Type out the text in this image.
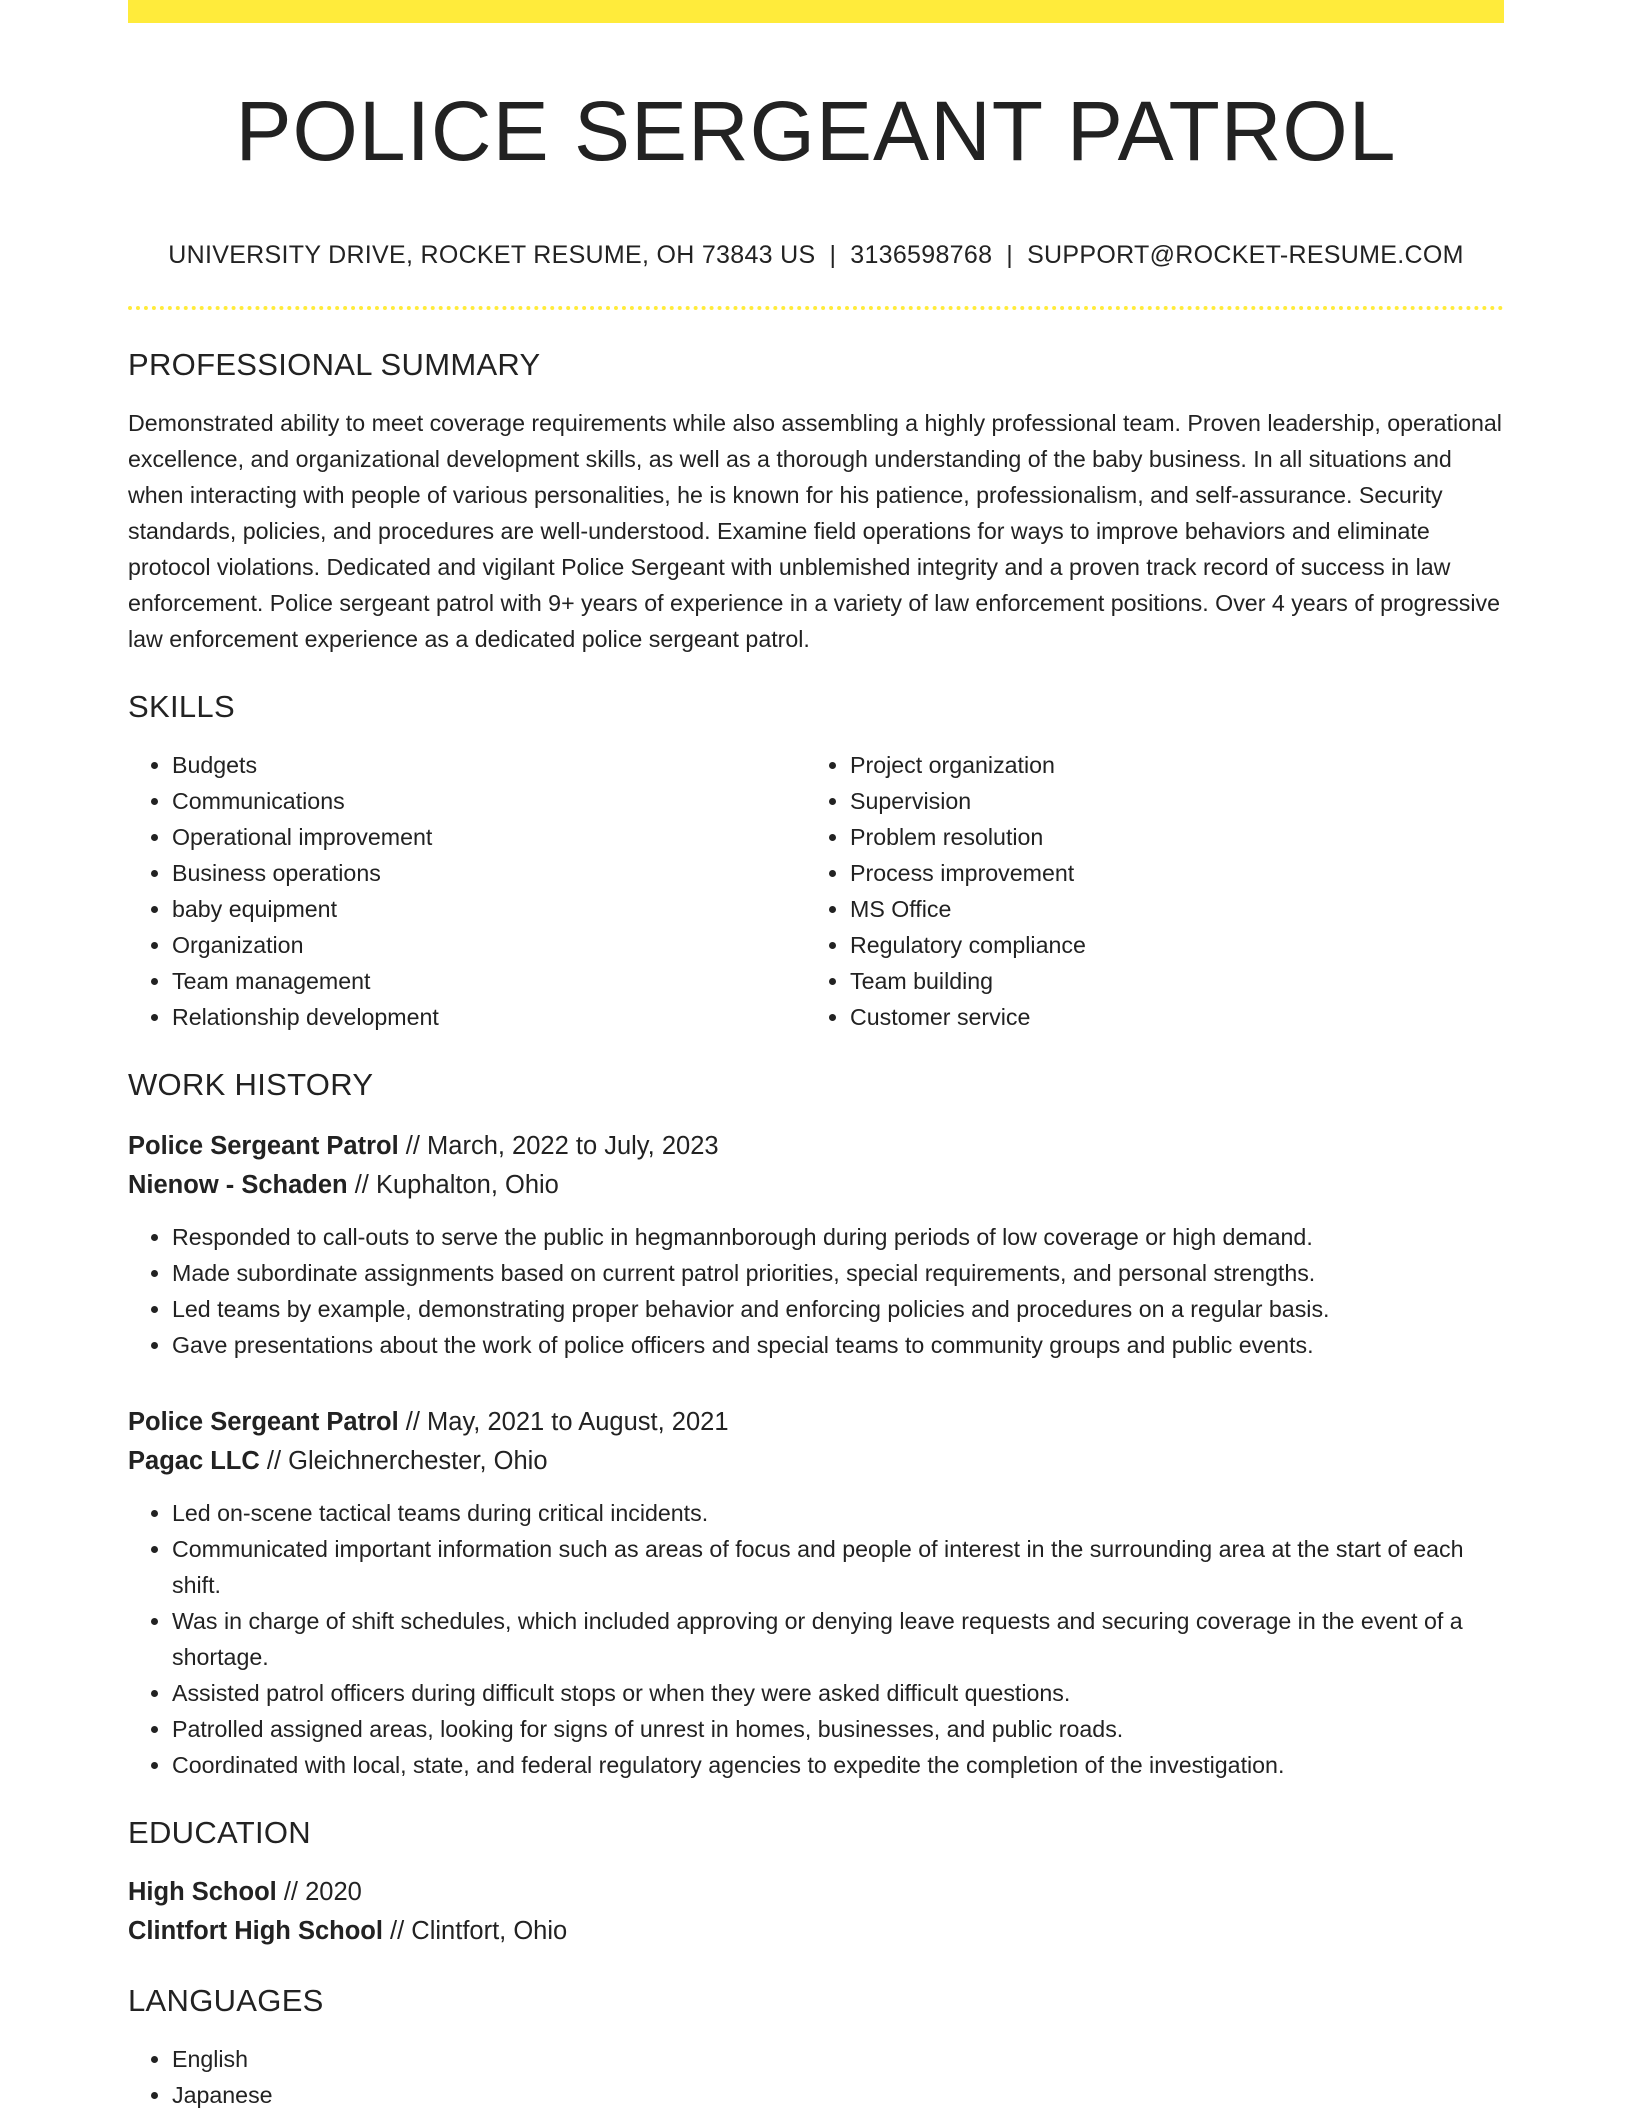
POLICE SERGEANT PATROL
UNIVERSITY DRIVE, ROCKET RESUME, OH 73843 US | 3136598768 | SUPPORT@ROCKET-RESUME.COM
PROFESSIONAL SUMMARY

Demonstrated ability to meet coverage requirements while also assembling a highly professional team. Proven leadership, operational excellence, and organizational development skills, as well as a thorough understanding of the baby business. In all situations and when interacting with people of various personalities, he is known for his patience, professionalism, and self-assurance. Security standards, policies, and procedures are well-understood. Examine field operations for ways to improve behaviors and eliminate protocol violations. Dedicated and vigilant Police Sergeant with unblemished integrity and a proven track record of success in law enforcement. Police sergeant patrol with 9+ years of experience in a variety of law enforcement positions. Over 4 years of progressive law enforcement experience as a dedicated police sergeant patrol.

SKILLS
• Budgets
• Communications
• Operational improvement
• Business operations
• baby equipment
• Organization
• Team management
• Relationship development
• Project organization
• Supervision
• Problem resolution
• Process improvement
• MS Office
• Regulatory compliance
• Team building
• Customer service
WORK HISTORY
Police Sergeant Patrol // March, 2022 to July, 2023
Nienow - Schaden // Kuphalton, Ohio
• Responded to call-outs to serve the public in hegmannborough during periods of low coverage or high demand.
• Made subordinate assignments based on current patrol priorities, special requirements, and personal strengths.
• Led teams by example, demonstrating proper behavior and enforcing policies and procedures on a regular basis.
• Gave presentations about the work of police officers and special teams to community groups and public events.
Police Sergeant Patrol // May, 2021 to August, 2021
Pagac LLC // Gleichnerchester, Ohio
• Led on-scene tactical teams during critical incidents.
• Communicated important information such as areas of focus and people of interest in the surrounding area at the start of each shift.
• Was in charge of shift schedules, which included approving or denying leave requests and securing coverage in the event of a shortage.
• Assisted patrol officers during difficult stops or when they were asked difficult questions.
• Patrolled assigned areas, looking for signs of unrest in homes, businesses, and public roads.
• Coordinated with local, state, and federal regulatory agencies to expedite the completion of the investigation.
EDUCATION
High School // 2020
Clintfort High School // Clintfort, Ohio
LANGUAGES
• English
• Japanese
